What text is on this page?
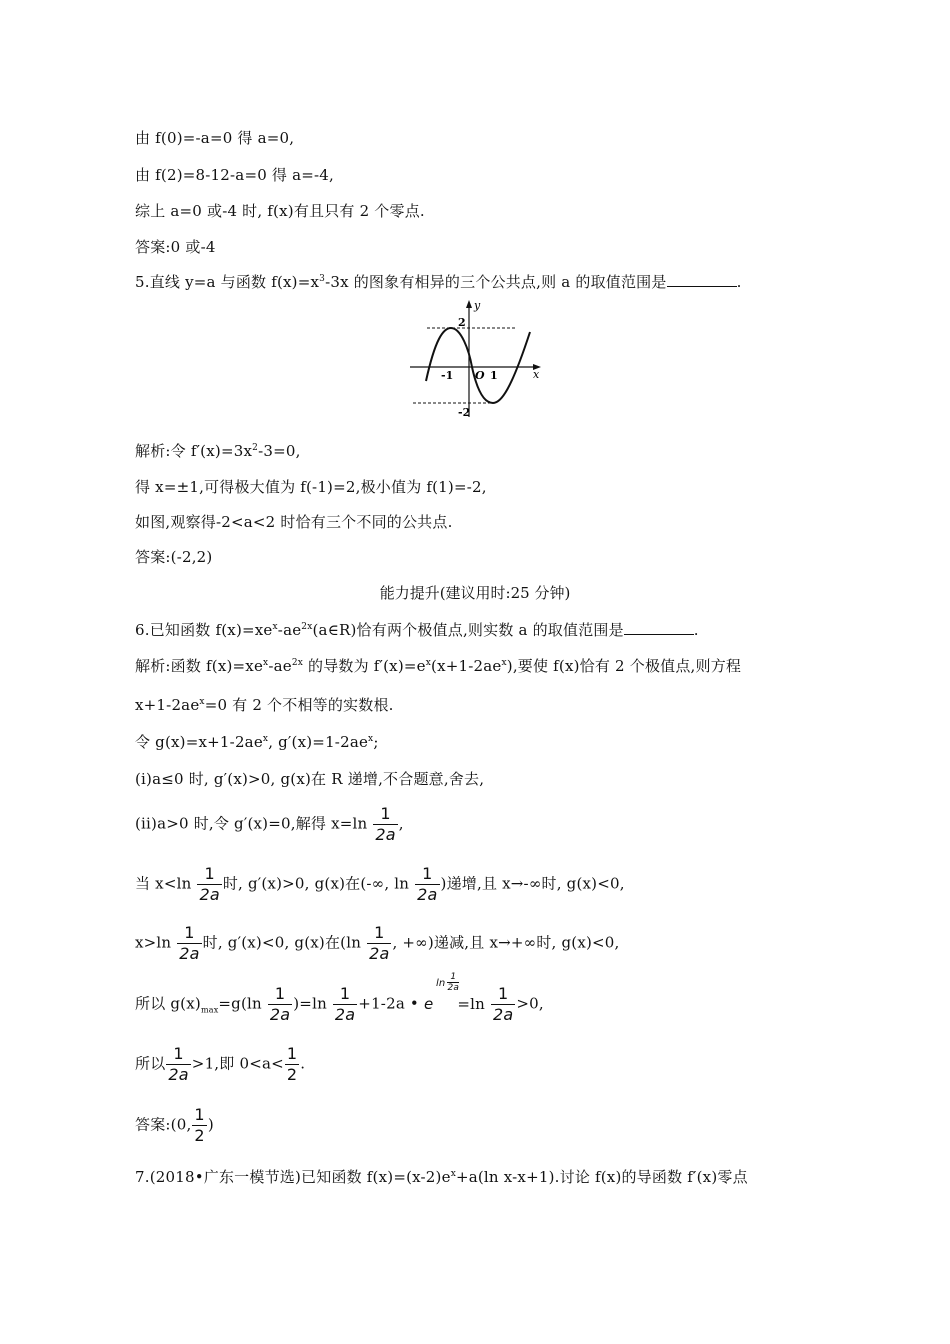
由 f(0)=-a=0 得 a=0,
由 f(2)=8-12-a=0 得 a=-4,
综上 a=0 或-4 时, f(x)有且只有 2 个零点.
答案:0 或-4
5.直线 y=a 与函数 $f(x)=x^3-3x$ 的图象有相异的三个公共点,则 a 的取值范围是	.
y
x
2
-2
-1	1
O
解析:令 $f'(x)=3x^2-3=0$,
得 x=±1,可得极大值为 f(-1)=2,极小值为 f(1)=-2,
如图,观察得-2<a<2 时恰有三个不同的公共点.
答案:(-2,2)
能力提升(建议用时:25 分钟)
6.已知函数 $f(x)=xe^x-ae^{2x}(a\in R)$恰有两个极值点,则实数 a 的取值范围是	.
解析:函数 $f(x)=xe^x-ae^{2x}$ 的导数为 $f'(x)=e^x(x+1-2ae^x)$,要使 f(x)恰有 2 个极值点,则方程
$x+1-2ae^x=0$ 有 2 个不相等的实数根.
令 $g(x)=x+1-2ae^x$, $g'(x)=1-2ae^x$;
(i)a≤0 时, g′(x)>0, g(x)在 R 递增,不合题意,舍去,
(ii)a>0 时,令 g′(x)=0,解得 $x=\ln \frac{1}{2a}$ ,
当 $x<\ln \frac{1}{2a}$ 时, g′(x)>0, g(x)在(-∞, $\ln \frac{1}{2a}$ )递增,且 x→-∞时, g(x)<0,
$x>\ln \frac{1}{2a}$ 时, g′(x)<0, g(x)在($\ln \frac{1}{2a}$ , +∞)递减,且 x→+∞时, g(x)<0,
所以 $g(x)_{max}=g(\ln \frac{1}{2a} )=\ln \frac{1}{2a} +1-2a$ • e
$\ln \frac{1}{2a}$
$=\ln \frac{1}{2a} >0$,
所以 $\frac{1}{2a} >1$,即 $0<a< \frac{1}{2}$ .
答案:(0, $\frac{1}{2}$ )
7.(2018•广东一模节选)已知函数 $f(x)=(x-2)e^x+a(\ln$ x-x+1).讨论 f(x)的导函数 f′(x)零点
